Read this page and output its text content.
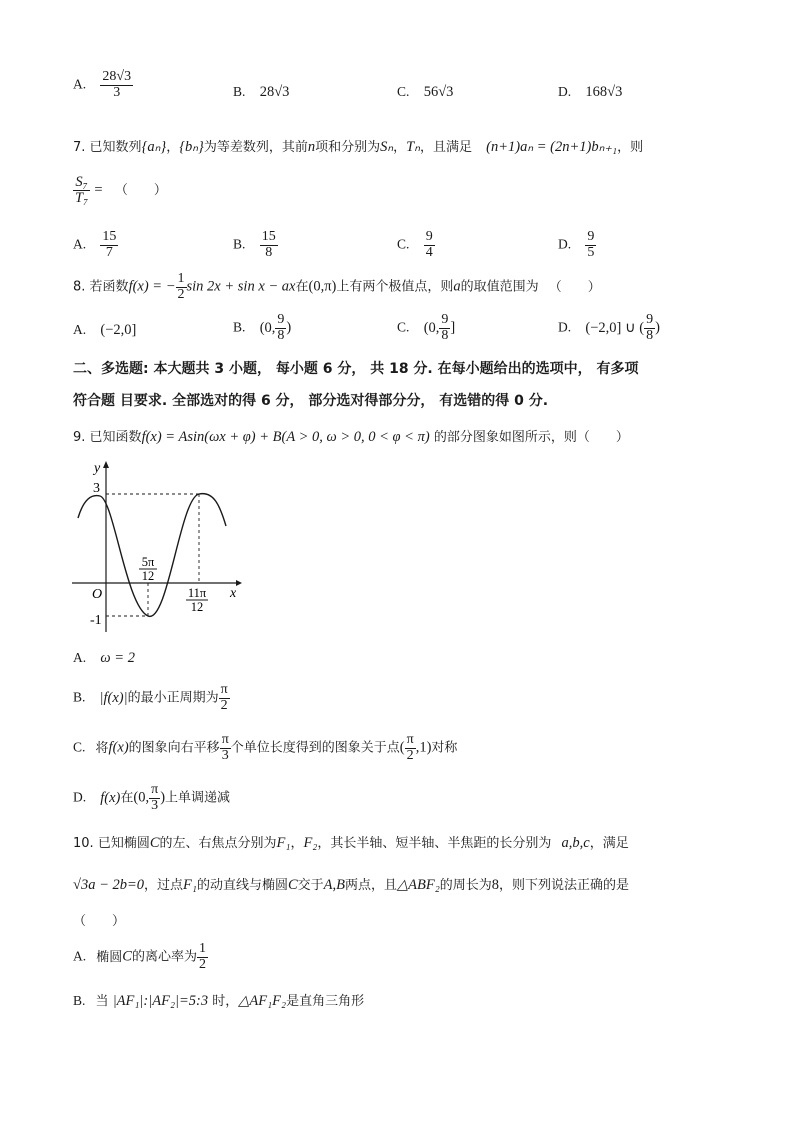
A. $\frac{28√3}{3}$	B. 28√3	C. 56√3	D. 168√3
7. 已知数列{aₙ}，{bₙ}为等差数列，其前n项和分别为Sₙ，Tₙ，且满足 (n+1)aₙ = (2n+1)bₙ₊₁，则
$\frac{\text{S₇}}{\text{T₇}}$ = （　　）
A. $\frac{15}{7}$	B. $\frac{15}{8}$	C. $\frac{9}{4}$	D. $\frac{9}{5}$
8. 若函数f(x) = − $\frac{1}{2}$ sin 2x + sin x − ax在(0,π)上有两个极值点，则a的取值范围为 （　　）
A. (−2,0]	B. (0, $\frac{9}{8}$ )	C. (0, $\frac{9}{8}$ ]	D. (−2,0] ∪ ( $\frac{9}{8}$ )
二、多选题: 本大题共 3 小题， 每小题 6 分， 共 18 分. 在每小题给出的选项中， 有多项
符合题 目要求. 全部选对的得 6 分， 部分选对得部分分， 有选错的得 0 分.
9. 已知函数f(x) = Asin(ωx + φ) + B(A > 0, ω > 0, 0 < φ < π) 的部分图象如图所示，则（　　）
y
x
O
3
-1
5π
12
11π
12
A. ω = 2
B. |f(x)|的最小正周期为 $\frac{\pi}{2}$
C. 将f(x)的图象向右平移 $\frac{\pi}{3}$ 个单位长度得到的图象关于点( $\frac{\pi}{2} ,1$)对称
D. f(x)在(0, $\frac{\pi}{3}$ )上单调递减
10. 已知椭圆C的左、右焦点分别为F₁，F₂，其长半轴、短半轴、半焦距的长分别为 a,b,c，满足
√3a − 2b=0，过点F₁的动直线与椭圆C交于A,B两点，且△ABF₂的周长为8，则下列说法正确的是
（　　）
A. 椭圆C的离心率为 $\frac{1}{2}$
B. 当 |AF₁|:|AF₂|=5:3 时，△AF₁F₂是直角三角形
